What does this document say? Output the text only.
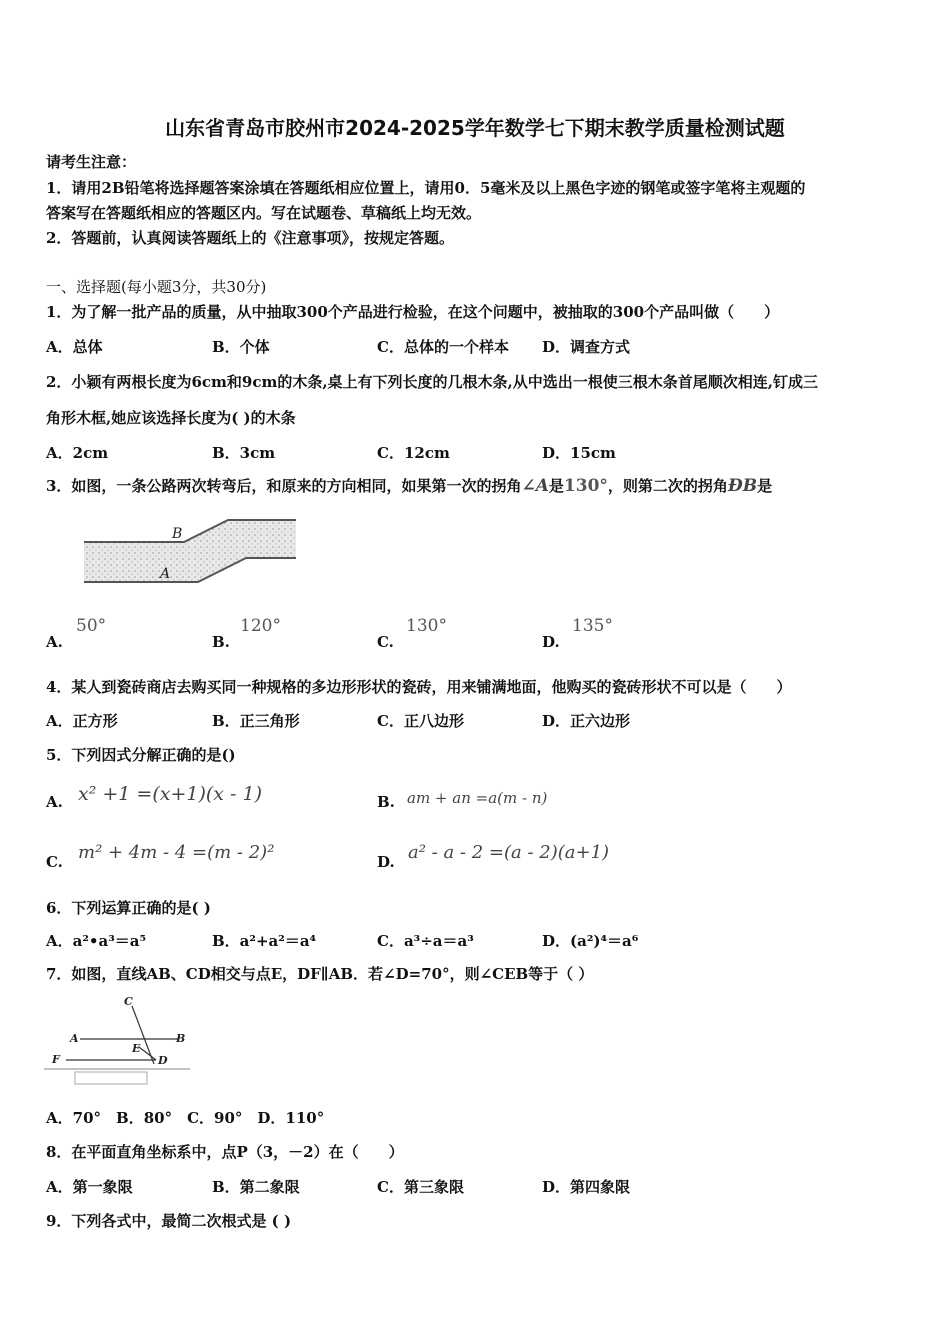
山东省青岛市胶州市2024-2025学年数学七下期末教学质量检测试题
请考生注意：
1．请用2B铅笔将选择题答案涂填在答题纸相应位置上，请用0．5毫米及以上黑色字迹的钢笔或签字笔将主观题的
答案写在答题纸相应的答题区内。写在试题卷、草稿纸上均无效。
2．答题前，认真阅读答题纸上的《注意事项》，按规定答题。
一、选择题(每小题3分，共30分)
1．为了解一批产品的质量，从中抽取300个产品进行检验，在这个问题中，被抽取的300个产品叫做（　　）
A．总体	B．个体	C．总体的一个样本 D．调查方式
2．小颖有两根长度为6cm和9cm的木条,桌上有下列长度的几根木条,从中选出一根使三根木条首尾顺次相连,钉成三
角形木框,她应该选择长度为( )的木条
A．2cm	B．3cm	C．12cm	D．15cm
3．如图，一条公路两次转弯后，和原来的方向相同，如果第一次的拐角∠A是130°，则第二次的拐角ÐB是
B
A
A.
50°
B.
120°
C.
130°
D.
135°
4．某人到瓷砖商店去购买同一种规格的多边形形状的瓷砖，用来铺满地面，他购买的瓷砖形状不可以是（　　）
A．正方形	B．正三角形	C．正八边形	D．正六边形
5．下列因式分解正确的是()
A. x² +1 =(x+1)(x - 1)	B. am + an =a(m - n)
C. m² + 4m - 4 =(m - 2)²	D. a² - a - 2 =(a - 2)(a+1)
6．下列运算正确的是( )
A．a²•a³＝a⁵	B．a²+a²＝a⁴	C．a³÷a＝a³	D．(a²)⁴＝a⁶
7．如图，直线AB、CD相交与点E，DF∥AB．若∠D=70°，则∠CEB等于（ ）
C
A	B
E
F	D
A．70°　B．80°　C．90°　D．110°
8．在平面直角坐标系中，点P（3，－2）在（　　）
A．第一象限	B．第二象限	C．第三象限	D．第四象限
9．下列各式中，最简二次根式是 ( )
